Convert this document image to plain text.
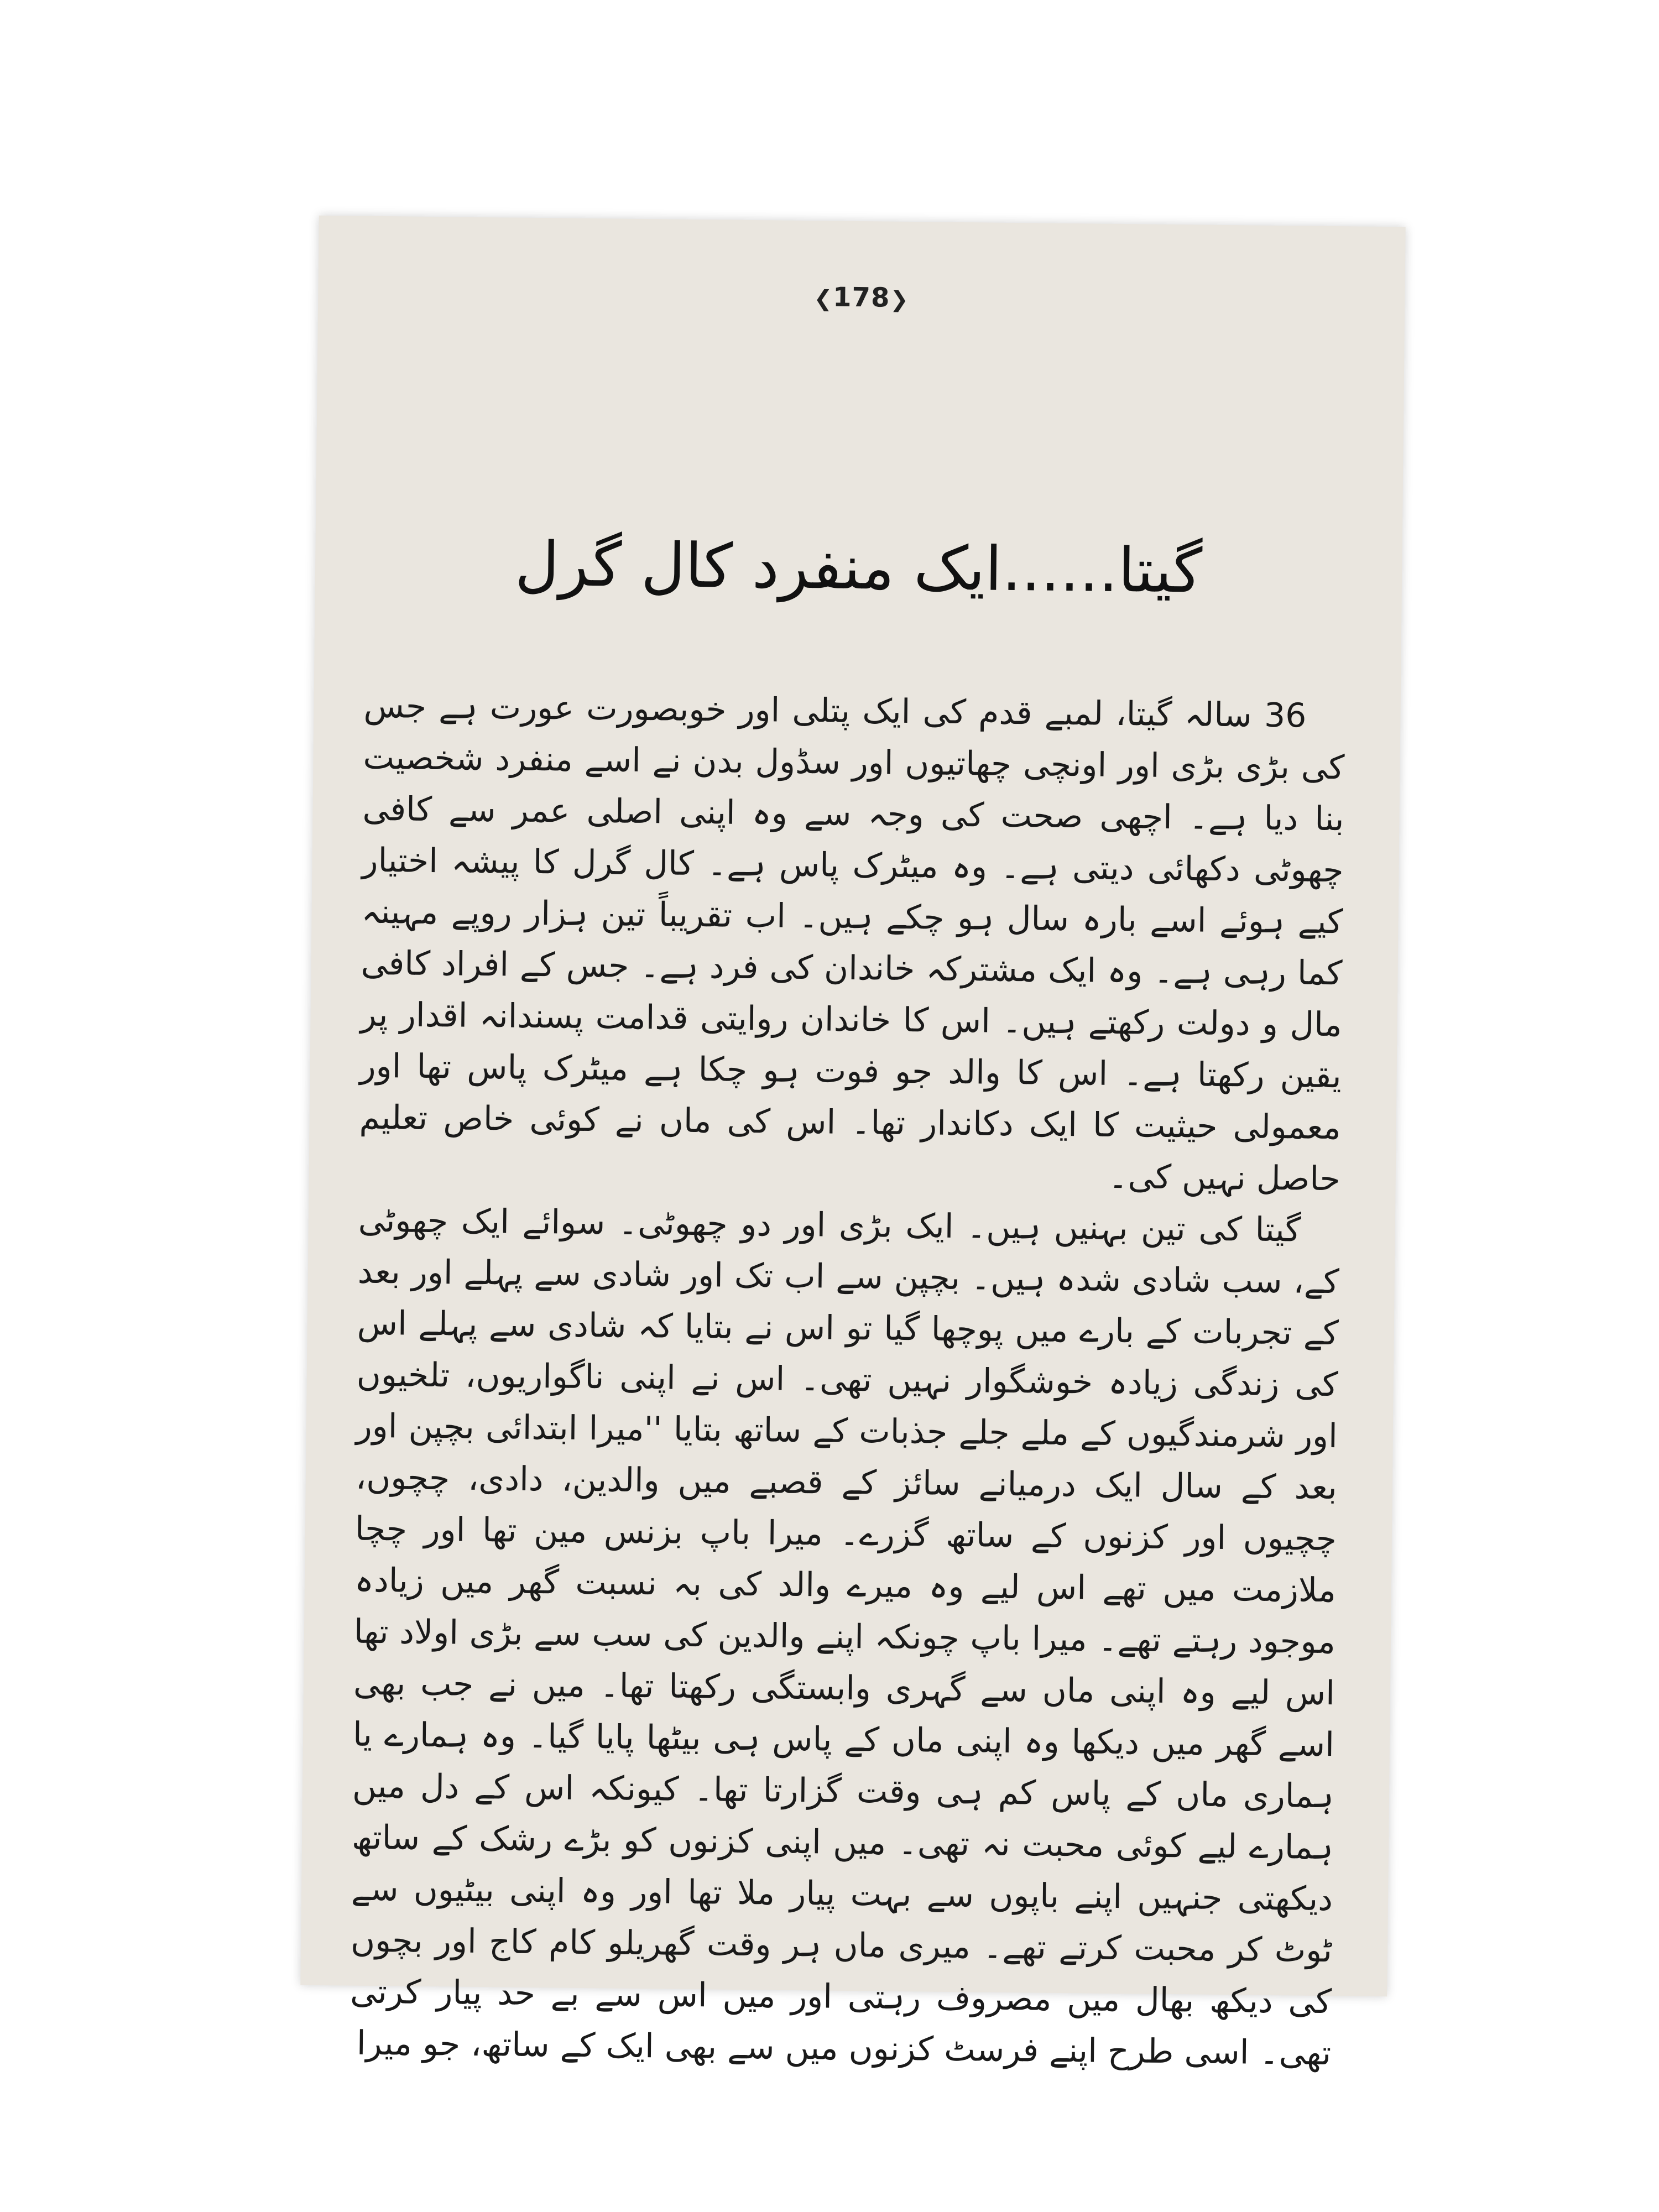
❮178❯
گیتا......ایک منفرد کال گرل

36 سالہ گیتا، لمبے قدم کی ایک پتلی اور خوبصورت عورت ہے جس کی بڑی بڑی اور اونچی چھاتیوں اور سڈول بدن نے اسے منفرد شخصیت بنا دیا ہے۔ اچھی صحت کی وجہ سے وہ اپنی اصلی عمر سے کافی چھوٹی دکھائی دیتی ہے۔ وہ میٹرک پاس ہے۔ کال گرل کا پیشہ اختیار کیے ہوئے اسے بارہ سال ہو چکے ہیں۔ اب تقریباً تین ہزار روپے مہینہ کما رہی ہے۔ وہ ایک مشترکہ خاندان کی فرد ہے۔ جس کے افراد کافی مال و دولت رکھتے ہیں۔ اس کا خاندان روایتی قدامت پسندانہ اقدار پر یقین رکھتا ہے۔ اس کا والد جو فوت ہو چکا ہے میٹرک پاس تھا اور معمولی حیثیت کا ایک دکاندار تھا۔ اس کی ماں نے کوئی خاص تعلیم حاصل نہیں کی۔

گیتا کی تین بہنیں ہیں۔ ایک بڑی اور دو چھوٹی۔ سوائے ایک چھوٹی کے، سب شادی شدہ ہیں۔ بچپن سے اب تک اور شادی سے پہلے اور بعد کے تجربات کے بارے میں پوچھا گیا تو اس نے بتایا کہ شادی سے پہلے اس کی زندگی زیادہ خوشگوار نہیں تھی۔ اس نے اپنی ناگواریوں، تلخیوں اور شرمندگیوں کے ملے جلے جذبات کے ساتھ بتایا ''میرا ابتدائی بچپن اور بعد کے سال ایک درمیانے سائز کے قصبے میں والدین، دادی، چچوں، چچیوں اور کزنوں کے ساتھ گزرے۔ میرا باپ بزنس مین تھا اور چچا ملازمت میں تھے اس لیے وہ میرے والد کی بہ نسبت گھر میں زیادہ موجود رہتے تھے۔ میرا باپ چونکہ اپنے والدین کی سب سے بڑی اولاد تھا اس لیے وہ اپنی ماں سے گہری وابستگی رکھتا تھا۔ میں نے جب بھی اسے گھر میں دیکھا وہ اپنی ماں کے پاس ہی بیٹھا پایا گیا۔ وہ ہمارے یا ہماری ماں کے پاس کم ہی وقت گزارتا تھا۔ کیونکہ اس کے دل میں ہمارے لیے کوئی محبت نہ تھی۔ میں اپنی کزنوں کو بڑے رشک کے ساتھ دیکھتی جنہیں اپنے باپوں سے بہت پیار ملا تھا اور وہ اپنی بیٹیوں سے ٹوٹ کر محبت کرتے تھے۔ میری ماں ہر وقت گھریلو کام کاج اور بچوں کی دیکھ بھال میں مصروف رہتی اور میں اس سے بے حد پیار کرتی تھی۔ اسی طرح اپنے فرسٹ کزنوں میں سے بھی ایک کے ساتھ، جو میرا
